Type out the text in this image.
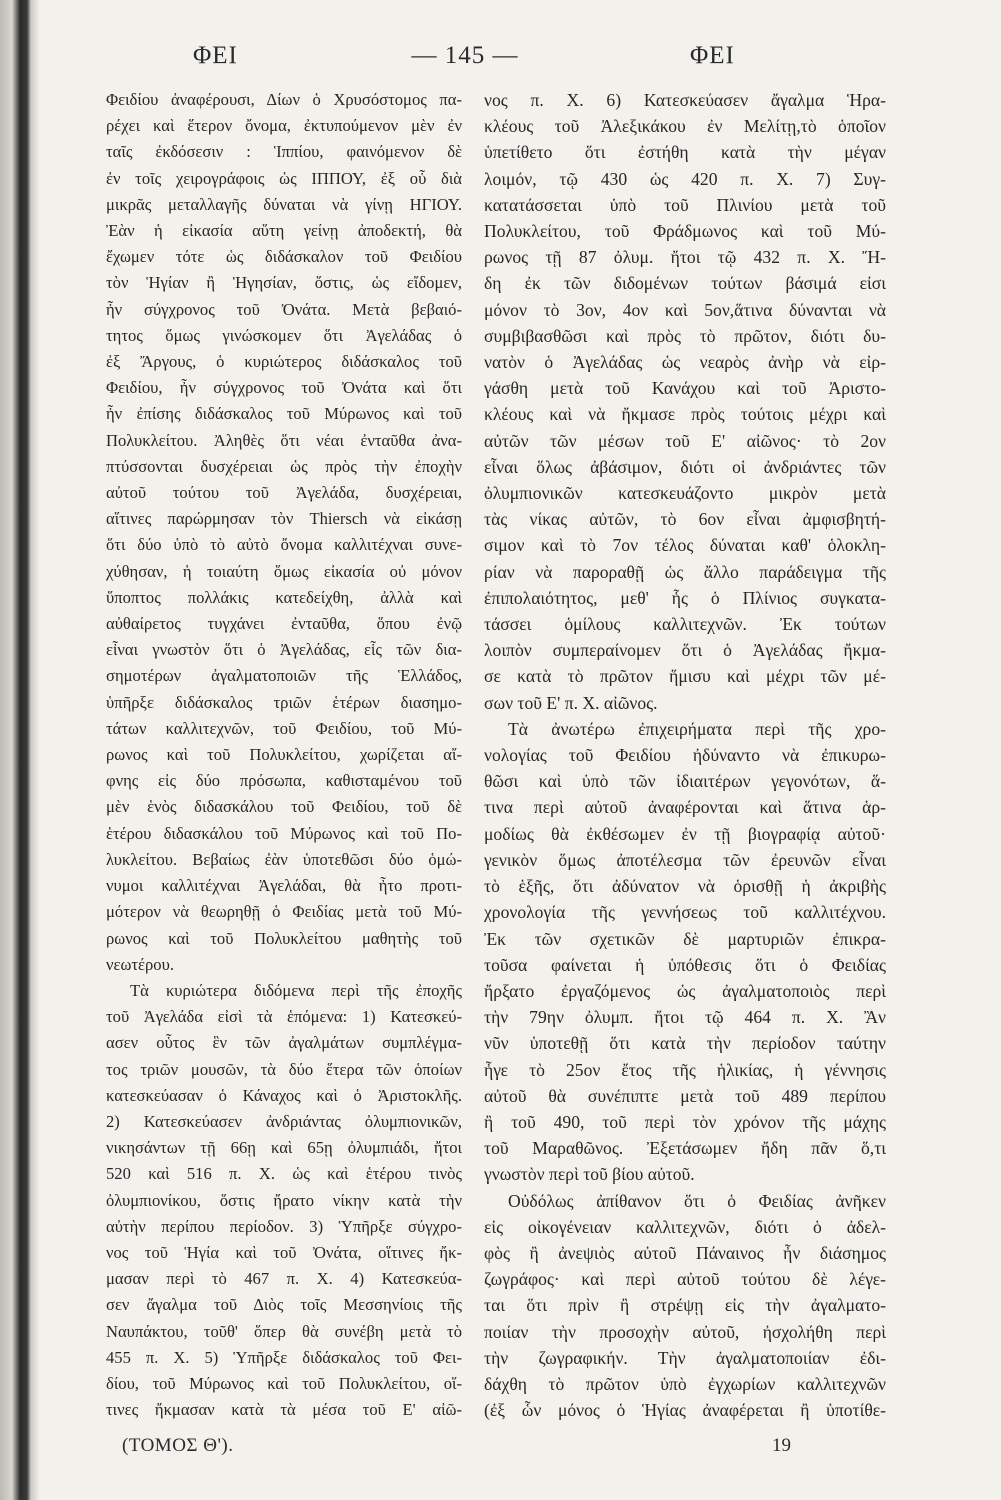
ΦΕΙ	— 145 —	ΦΕΙ
Φειδίου ἀναφέρουσι, Δίων ὁ Χρυσόστομος πα-
ρέχει καὶ ἕτερον ὄνομα, ἐκτυπούμενον μὲν ἐν
ταῖς ἐκδόσεσιν : Ἱππίου, φαινόμενον δὲ
ἐν τοῖς χειρογράφοις ὡς ΙΠΠΟΥ, ἐξ οὗ διὰ
μικρᾶς μεταλλαγῆς δύναται νὰ γίνῃ ΗΓΙΟΥ.
Ἐὰν ἡ εἰκασία αὕτη γείνῃ ἀποδεκτή, θὰ
ἔχωμεν τότε ὡς διδάσκαλον τοῦ Φειδίου
τὸν Ἡγίαν ἢ Ἡγησίαν, ὅστις, ὡς εἴδομεν,
ἦν σύγχρονος τοῦ Ὀνάτα. Μετὰ βεβαιό-
τητος ὅμως γινώσκομεν ὅτι Ἀγελάδας ὁ
ἐξ Ἄργους, ὁ κυριώτερος διδάσκαλος τοῦ
Φειδίου, ἦν σύγχρονος τοῦ Ὀνάτα καὶ ὅτι
ἦν ἐπίσης διδάσκαλος τοῦ Μύρωνος καὶ τοῦ
Πολυκλείτου. Ἀληθὲς ὅτι νέαι ἐνταῦθα ἀνα-
πτύσσονται δυσχέρειαι ὡς πρὸς τὴν ἐποχὴν
αὐτοῦ τούτου τοῦ Ἀγελάδα, δυσχέρειαι,
αἵτινες παρώρμησαν τὸν Thiersch νὰ εἰκάσῃ
ὅτι δύο ὑπὸ τὸ αὐτὸ ὄνομα καλλιτέχναι συνε-
χύθησαν, ἡ τοιαύτη ὅμως εἰκασία οὐ μόνον
ὕποπτος πολλάκις κατεδείχθη, ἀλλὰ καὶ
αὐθαίρετος τυγχάνει ἐνταῦθα, ὅπου ἐνῷ
εἶναι γνωστὸν ὅτι ὁ Ἀγελάδας, εἷς τῶν δια-
σημοτέρων ἀγαλματοποιῶν τῆς Ἑλλάδος,
ὑπῆρξε διδάσκαλος τριῶν ἑτέρων διασημο-
τάτων καλλιτεχνῶν, τοῦ Φειδίου, τοῦ Μύ-
ρωνος καὶ τοῦ Πολυκλείτου, χωρίζεται αἴ-
φνης εἰς δύο πρόσωπα, καθισταμένου τοῦ
μὲν ἑνὸς διδασκάλου τοῦ Φειδίου, τοῦ δὲ
ἑτέρου διδασκάλου τοῦ Μύρωνος καὶ τοῦ Πο-
λυκλείτου. Βεβαίως ἐὰν ὑποτεθῶσι δύο ὁμώ-
νυμοι καλλιτέχναι Ἀγελάδαι, θὰ ἦτο προτι-
μότερον νὰ θεωρηθῇ ὁ Φειδίας μετὰ τοῦ Μύ-
ρωνος καὶ τοῦ Πολυκλείτου μαθητὴς τοῦ
νεωτέρου.
Τὰ κυριώτερα διδόμενα περὶ τῆς ἐποχῆς
τοῦ Ἀγελάδα εἰσὶ τὰ ἑπόμενα: 1) Κατεσκεύ-
ασεν οὗτος ἓν τῶν ἀγαλμάτων συμπλέγμα-
τος τριῶν μουσῶν, τὰ δύο ἕτερα τῶν ὁποίων
κατεσκεύασαν ὁ Κάναχος καὶ ὁ Ἀριστοκλῆς.
2) Κατεσκεύασεν ἀνδριάντας ὀλυμπιονικῶν,
νικησάντων τῇ 66ῃ καὶ 65ῃ ὀλυμπιάδι, ἤτοι
520 καὶ 516 π. Χ. ὡς καὶ ἑτέρου τινὸς
ὀλυμπιονίκου, ὅστις ἤρατο νίκην κατὰ τὴν
αὐτὴν περίπου περίοδον. 3) Ὑπῆρξε σύγχρο-
νος τοῦ Ἡγία καὶ τοῦ Ὀνάτα, οἵτινες ἤκ-
μασαν περὶ τὸ 467 π. Χ. 4) Κατεσκεύα-
σεν ἄγαλμα τοῦ Διὸς τοῖς Μεσσηνίοις τῆς
Ναυπάκτου, τοῦθ' ὅπερ θὰ συνέβη μετὰ τὸ
455 π. Χ. 5) Ὑπῆρξε διδάσκαλος τοῦ Φει-
δίου, τοῦ Μύρωνος καὶ τοῦ Πολυκλείτου, οἵ-
τινες ἤκμασαν κατὰ τὰ μέσα τοῦ Ε' αἰῶ-
νος π. Χ. 6) Κατεσκεύασεν ἄγαλμα Ἡρα-
κλέους τοῦ Ἀλεξικάκου ἐν Μελίτῃ,τὸ ὁποῖον
ὑπετίθετο ὅτι ἐστήθη κατὰ τὴν μέγαν
λοιμόν, τῷ 430 ὡς 420 π. Χ. 7) Συγ-
κατατάσσεται ὑπὸ τοῦ Πλινίου μετὰ τοῦ
Πολυκλείτου, τοῦ Φράδμωνος καὶ τοῦ Μύ-
ρωνος τῇ 87 ὀλυμ. ἤτοι τῷ 432 π. Χ. Ἤ-
δη ἐκ τῶν διδομένων τούτων βάσιμά εἰσι
μόνον τὸ 3ον, 4ον καὶ 5ον,ἅτινα δύνανται νὰ
συμβιβασθῶσι καὶ πρὸς τὸ πρῶτον, διότι δυ-
νατὸν ὁ Ἀγελάδας ὡς νεαρὸς ἀνὴρ νὰ εἰρ-
γάσθη μετὰ τοῦ Κανάχου καὶ τοῦ Ἀριστο-
κλέους καὶ νὰ ἤκμασε πρὸς τούτοις μέχρι καὶ
αὐτῶν τῶν μέσων τοῦ Ε' αἰῶνος· τὸ 2ον
εἶναι ὅλως ἀβάσιμον, διότι οἱ ἀνδριάντες τῶν
ὀλυμπιονικῶν κατεσκευάζοντο μικρὸν μετὰ
τὰς νίκας αὐτῶν, τὸ 6ον εἶναι ἀμφισβητή-
σιμον καὶ τὸ 7ον τέλος δύναται καθ' ὁλοκλη-
ρίαν νὰ παροραθῇ ὡς ἄλλο παράδειγμα τῆς
ἐπιπολαιότητος, μεθ' ἧς ὁ Πλίνιος συγκατα-
τάσσει ὁμίλους καλλιτεχνῶν. Ἐκ τούτων
λοιπὸν συμπεραίνομεν ὅτι ὁ Ἀγελάδας ἤκμα-
σε κατὰ τὸ πρῶτον ἥμισυ καὶ μέχρι τῶν μέ-
σων τοῦ Ε' π. Χ. αἰῶνος.
Τὰ ἀνωτέρω ἐπιχειρήματα περὶ τῆς χρο-
νολογίας τοῦ Φειδίου ἠδύναντο νὰ ἐπικυρω-
θῶσι καὶ ὑπὸ τῶν ἰδιαιτέρων γεγονότων, ἅ-
τινα περὶ αὐτοῦ ἀναφέρονται καὶ ἅτινα ἁρ-
μοδίως θὰ ἐκθέσωμεν ἐν τῇ βιογραφίᾳ αὐτοῦ·
γενικὸν ὅμως ἀποτέλεσμα τῶν ἐρευνῶν εἶναι
τὸ ἑξῆς, ὅτι ἀδύνατον νὰ ὁρισθῇ ἡ ἀκριβὴς
χρονολογία τῆς γεννήσεως τοῦ καλλιτέχνου.
Ἐκ τῶν σχετικῶν δὲ μαρτυριῶν ἐπικρα-
τοῦσα φαίνεται ἡ ὑπόθεσις ὅτι ὁ Φειδίας
ἤρξατο ἐργαζόμενος ὡς ἀγαλματοποιὸς περὶ
τὴν 79ην ὀλυμπ. ἤτοι τῷ 464 π. Χ. Ἂν
νῦν ὑποτεθῇ ὅτι κατὰ τὴν περίοδον ταύτην
ἦγε τὸ 25ον ἔτος τῆς ἡλικίας, ἡ γέννησις
αὐτοῦ θὰ συνέπιπτε μετὰ τοῦ 489 περίπου
ἢ τοῦ 490, τοῦ περὶ τὸν χρόνον τῆς μάχης
τοῦ Μαραθῶνος. Ἐξετάσωμεν ἤδη πᾶν ὅ,τι
γνωστὸν περὶ τοῦ βίου αὐτοῦ.
Οὐδόλως ἀπίθανον ὅτι ὁ Φειδίας ἀνῆκεν
εἰς οἰκογένειαν καλλιτεχνῶν, διότι ὁ ἀδελ-
φὸς ἢ ἀνεψιὸς αὐτοῦ Πάναινος ἦν διάσημος
ζωγράφος· καὶ περὶ αὐτοῦ τούτου δὲ λέγε-
ται ὅτι πρὶν ἢ στρέψῃ εἰς τὴν ἀγαλματο-
ποιίαν τὴν προσοχὴν αὐτοῦ, ἠσχολήθη περὶ
τὴν ζωγραφικήν. Τὴν ἀγαλματοποιίαν ἐδι-
δάχθη τὸ πρῶτον ὑπὸ ἐγχωρίων καλλιτεχνῶν
(ἐξ ὧν μόνος ὁ Ἡγίας ἀναφέρεται ἢ ὑποτίθε-
(ΤΟΜΟΣ Θ').	19
